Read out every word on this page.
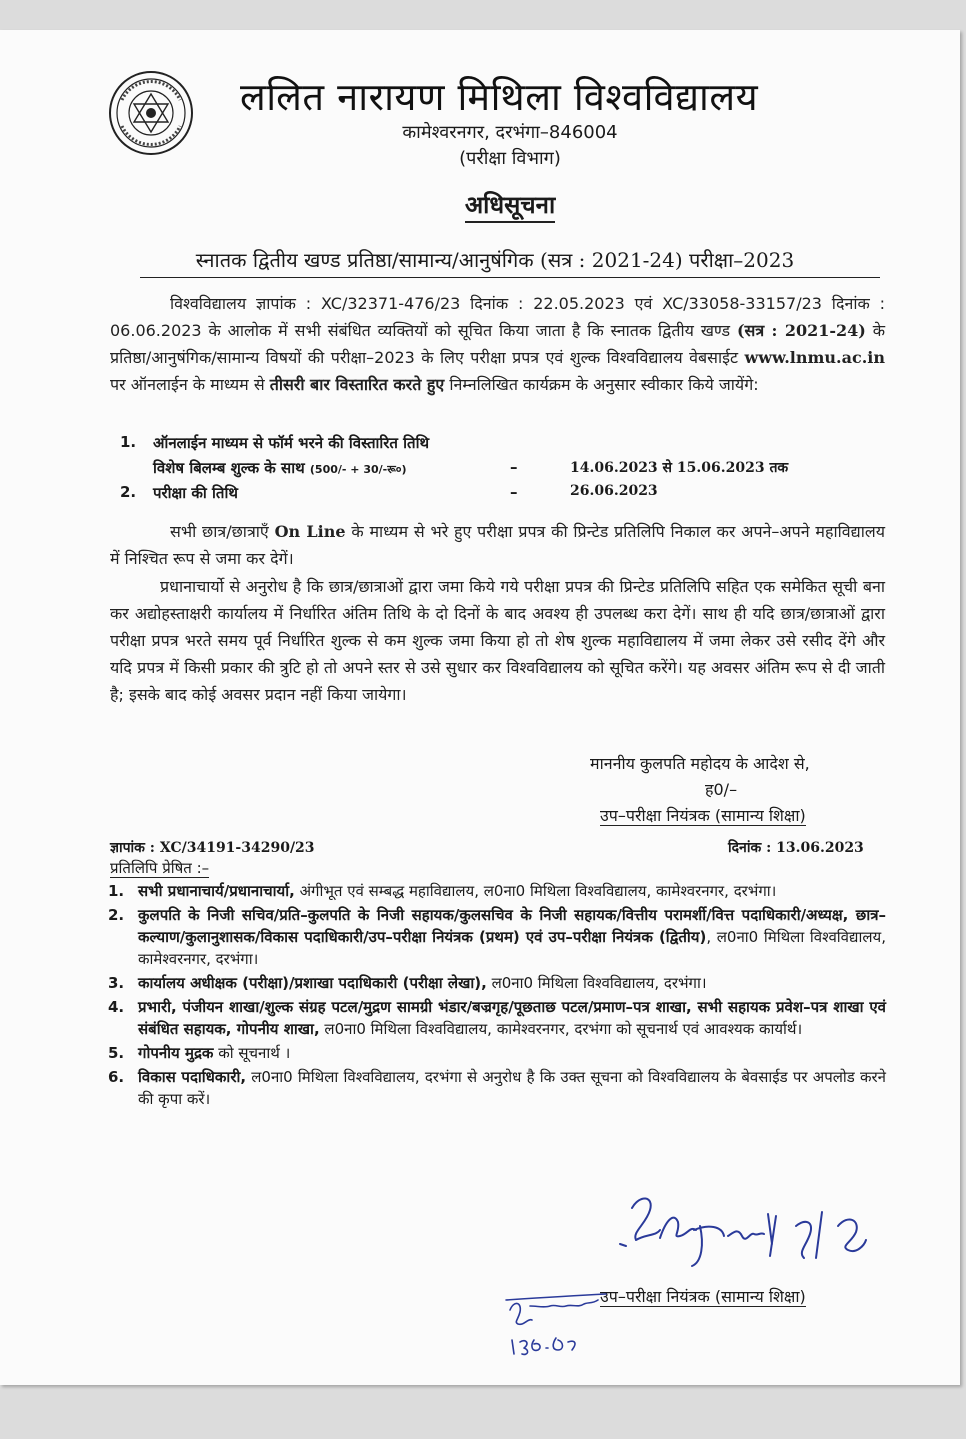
ललित नारायण मिथिला विश्वविद्यालय
कामेश्वरनगर, दरभंगा–846004
(परीक्षा विभाग)
अधिसूचना
स्नातक द्वितीय खण्ड प्रतिष्ठा/सामान्य/आनुषंगिक (सत्र : 2021-24) परीक्षा–2023
विश्वविद्यालय ज्ञापांक : XC/32371-476/23 दिनांक : 22.05.2023 एवं XC/33058-33157/23 दिनांक : 06.06.2023 के आलोक में सभी संबंधित व्यक्तियों को सूचित किया जाता है कि स्नातक द्वितीय खण्ड (सत्र : 2021-24) के प्रतिष्ठा/आनुषंगिक/सामान्य विषयों की परीक्षा–2023 के लिए परीक्षा प्रपत्र एवं शुल्क विश्वविद्यालय वेबसाईट www.lnmu.ac.in पर ऑनलाईन के माध्यम से तीसरी बार विस्तारित करते हुए निम्नलिखित कार्यक्रम के अनुसार स्वीकार किये जायेंगे:
1. ऑनलाईन माध्यम से फॉर्म भरने की विस्तारित तिथि
विशेष बिलम्ब शुल्क के साथ (500/- + 30/-रू०)	–	14.06.2023 से 15.06.2023 तक
2. परीक्षा की तिथि	–	26.06.2023
सभी छात्र/छात्राएँ On Line के माध्यम से भरे हुए परीक्षा प्रपत्र की प्रिन्टेड प्रतिलिपि निकाल कर अपने–अपने महाविद्यालय में निश्चित रूप से जमा कर देगें।
प्रधानाचार्यो से अनुरोध है कि छात्र/छात्राओं द्वारा जमा किये गये परीक्षा प्रपत्र की प्रिन्टेड प्रतिलिपि सहित एक समेकित सूची बना कर अद्योहस्ताक्षरी कार्यालय में निर्धारित अंतिम तिथि के दो दिनों के बाद अवश्य ही उपलब्ध करा देगें। साथ ही यदि छात्र/छात्राओं द्वारा परीक्षा प्रपत्र भरते समय पूर्व निर्धारित शुल्क से कम शुल्क जमा किया हो तो शेष शुल्क महाविद्यालय में जमा लेकर उसे रसीद देंगे और यदि प्रपत्र में किसी प्रकार की त्रुटि हो तो अपने स्तर से उसे सुधार कर विश्वविद्यालय को सूचित करेंगे। यह अवसर अंतिम रूप से दी जाती है; इसके बाद कोई अवसर प्रदान नहीं किया जायेगा।
माननीय कुलपति महोदय के आदेश से,
ह0/–
उप–परीक्षा नियंत्रक (सामान्य शिक्षा)
ज्ञापांक : XC/34191-34290/23	दिनांक : 13.06.2023
प्रतिलिपि प्रेषित :–
1. सभी प्रधानाचार्य/प्रधानाचार्या, अंगीभूत एवं सम्बद्ध महाविद्यालय, ल0ना0 मिथिला विश्वविद्यालय, कामेश्वरनगर, दरभंगा।
2. कुलपति के निजी सचिव/प्रति–कुलपति के निजी सहायक/कुलसचिव के निजी सहायक/वित्तीय परामर्शी/वित्त पदाधिकारी/अध्यक्ष, छात्र–कल्याण/कुलानुशासक/विकास पदाधिकारी/उप–परीक्षा नियंत्रक (प्रथम) एवं उप–परीक्षा नियंत्रक (द्वितीय), ल0ना0 मिथिला विश्वविद्यालय, कामेश्वरनगर, दरभंगा।
3. कार्यालय अधीक्षक (परीक्षा)/प्रशाखा पदाधिकारी (परीक्षा लेखा), ल0ना0 मिथिला विश्वविद्यालय, दरभंगा।
4. प्रभारी, पंजीयन शाखा/शुल्क संग्रह पटल/मुद्रण सामग्री भंडार/बज्रगृह/पूछताछ पटल/प्रमाण–पत्र शाखा, सभी सहायक प्रवेश–पत्र शाखा एवं संबंधित सहायक, गोपनीय शाखा, ल0ना0 मिथिला विश्वविद्यालय, कामेश्वरनगर, दरभंगा को सूचनार्थ एवं आवश्यक कार्यार्थ।
5. गोपनीय मुद्रक को सूचनार्थ ।
6. विकास पदाधिकारी, ल0ना0 मिथिला विश्वविद्यालय, दरभंगा से अनुरोध है कि उक्त सूचना को विश्वविद्यालय के बेवसाईड पर अपलोड करने की कृपा करें।
उप–परीक्षा नियंत्रक (सामान्य शिक्षा)
